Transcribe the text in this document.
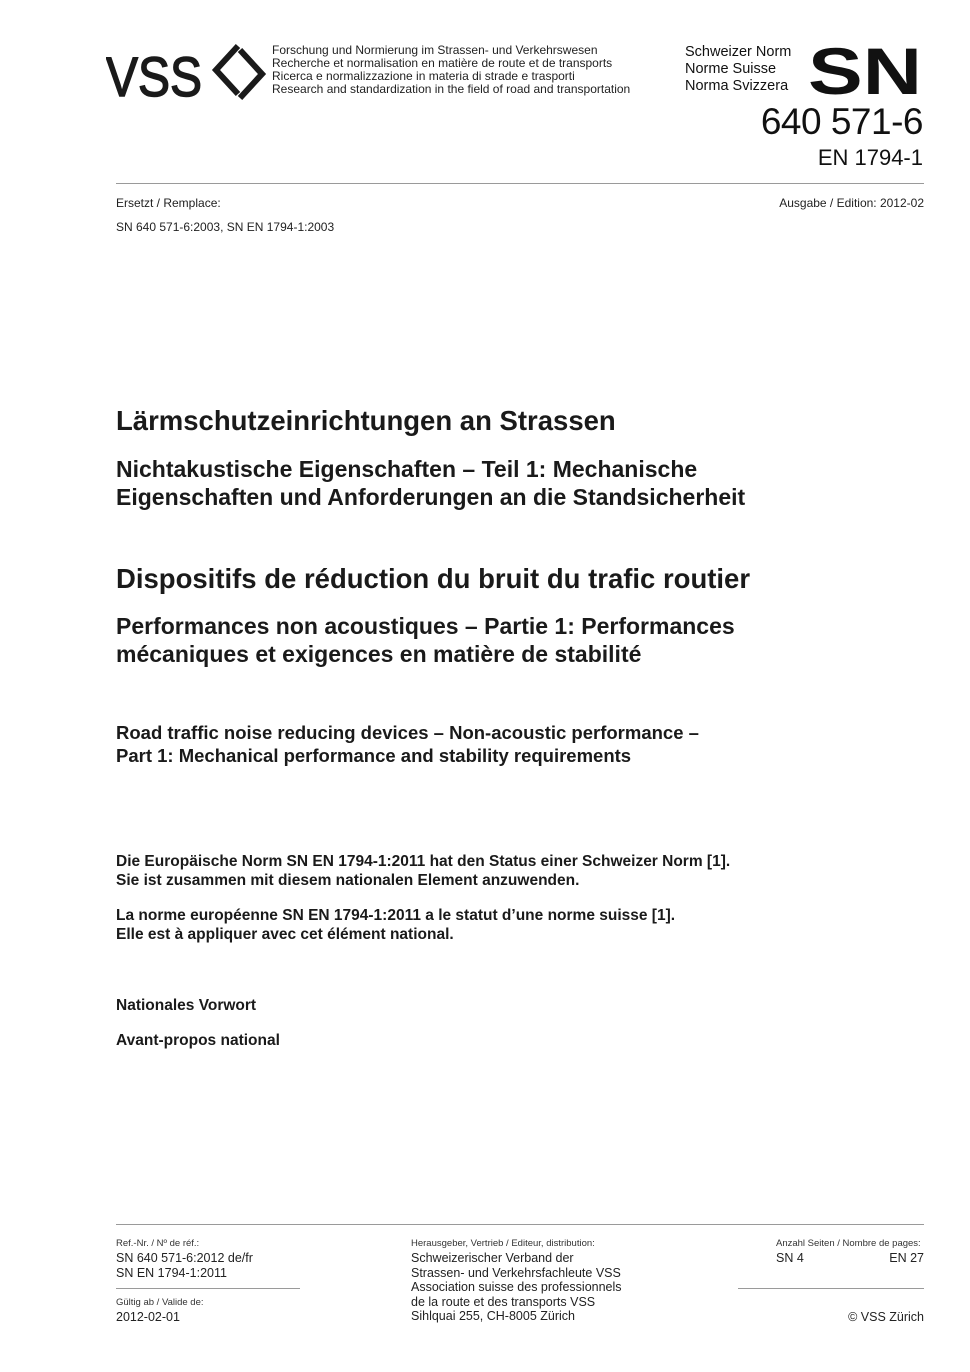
VSS	Forschung und Normierung im Strassen- und Verkehrswesen
Recherche et normalisation en matière de route et de transports
Ricerca e normalizzazione in materia di strade e trasporti
Research and standardization in the field of road and transportation
Schweizer Norm
Norme Suisse
Norma Svizzera SN
640 571-6
EN 1794-1
Ersetzt / Remplace:	Ausgabe / Edition: 2012-02
SN 640 571-6:2003, SN EN 1794-1:2003
Lärmschutzeinrichtungen an Strassen
Nichtakustische Eigenschaften – Teil 1: Mechanische
Eigenschaften und Anforderungen an die Standsicherheit
Dispositifs de réduction du bruit du trafic routier
Performances non acoustiques – Partie 1: Performances
mécaniques et exigences en matière de stabilité
Road traffic noise reducing devices – Non-acoustic performance –
Part 1: Mechanical performance and stability requirements
Die Europäische Norm SN EN 1794-1:2011 hat den Status einer Schweizer Norm [1].
Sie ist zusammen mit diesem nationalen Element anzuwenden.
La norme européenne SN EN 1794-1:2011 a le statut d’une norme suisse [1].
Elle est à appliquer avec cet élément national.
Nationales Vorwort
Avant-propos national
Ref.-Nr. / Nº de réf.:
SN 640 571-6:2012 de/fr
SN EN 1794-1:2011
Gültig ab / Valide de:
2012-02-01
Herausgeber, Vertrieb / Editeur, distribution:
Schweizerischer Verband der
Strassen- und Verkehrsfachleute VSS
Association suisse des professionnels
de la route et des transports VSS
Sihlquai 255, CH-8005 Zürich
Anzahl Seiten / Nombre de pages:
SN 4	EN 27
© VSS Zürich
